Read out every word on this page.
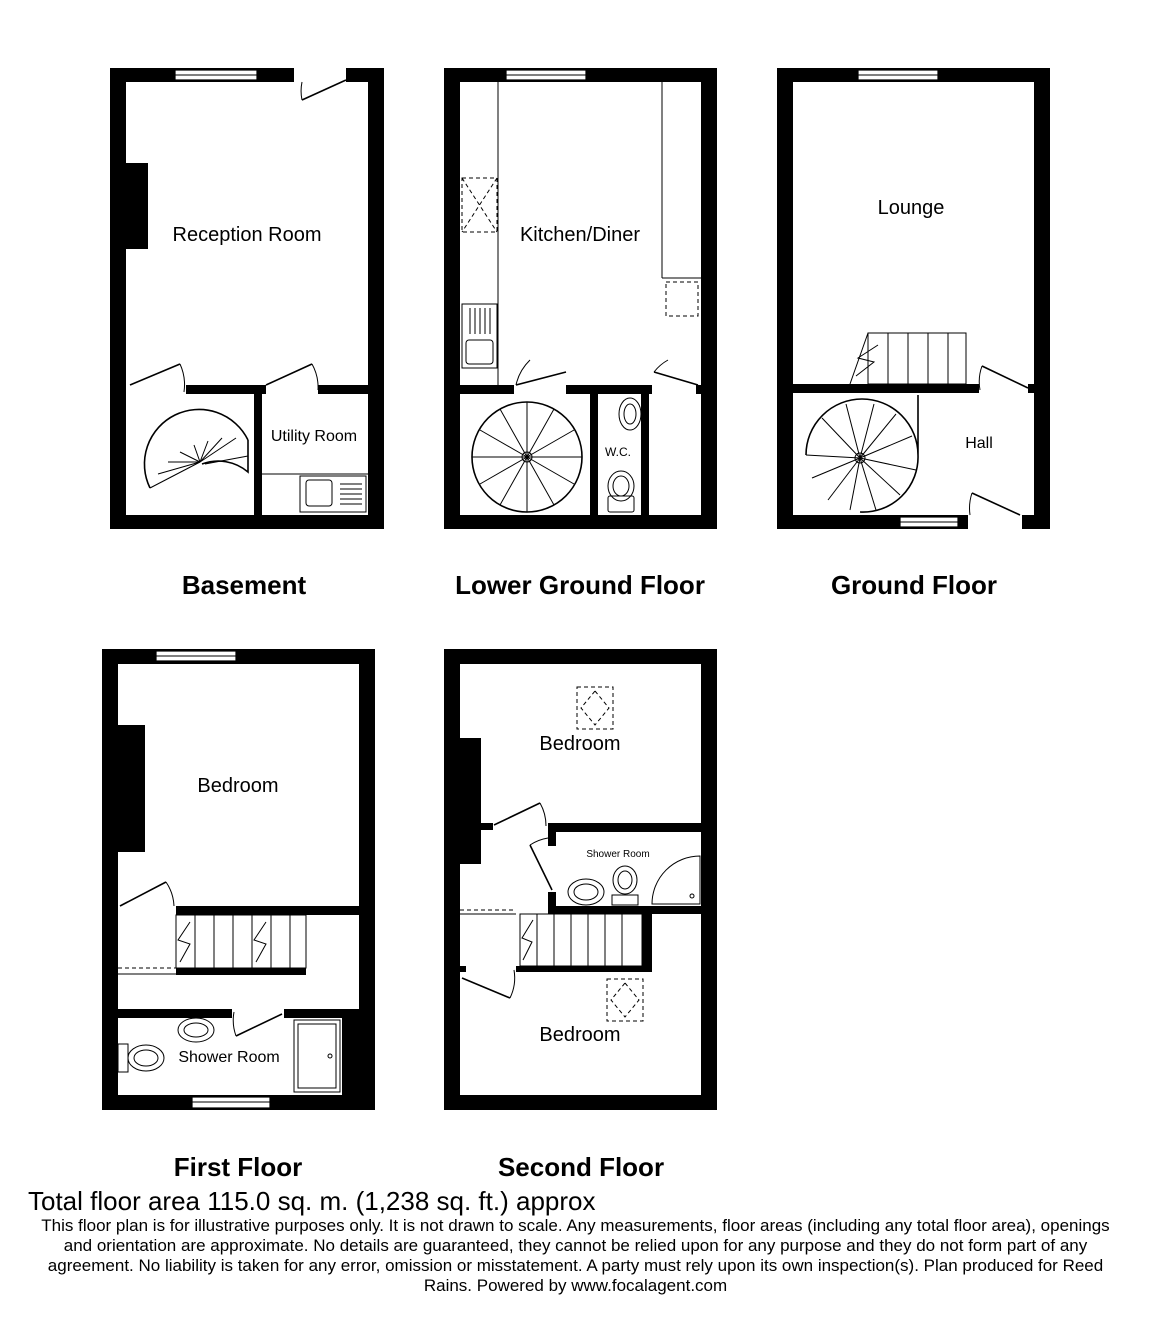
Reception Room
Utility Room
Basement
Kitchen/Diner
W.C.
Lower Ground Floor
Lounge
Hall
Ground Floor
Bedroom
Shower Room
First Floor
Bedroom
Shower Room
Bedroom
Second Floor
Total floor area 115.0 sq. m. (1,238 sq. ft.) approx
This floor plan is for illustrative purposes only. It is not drawn to scale. Any measurements, floor areas (including any total floor area), openings and orientation are approximate. No details are guaranteed, they cannot be relied upon for any purpose and they do not form part of any agreement. No liability is taken for any error, omission or misstatement. A party must rely upon its own inspection(s). Plan produced for Reed Rains. Powered by www.focalagent.com
